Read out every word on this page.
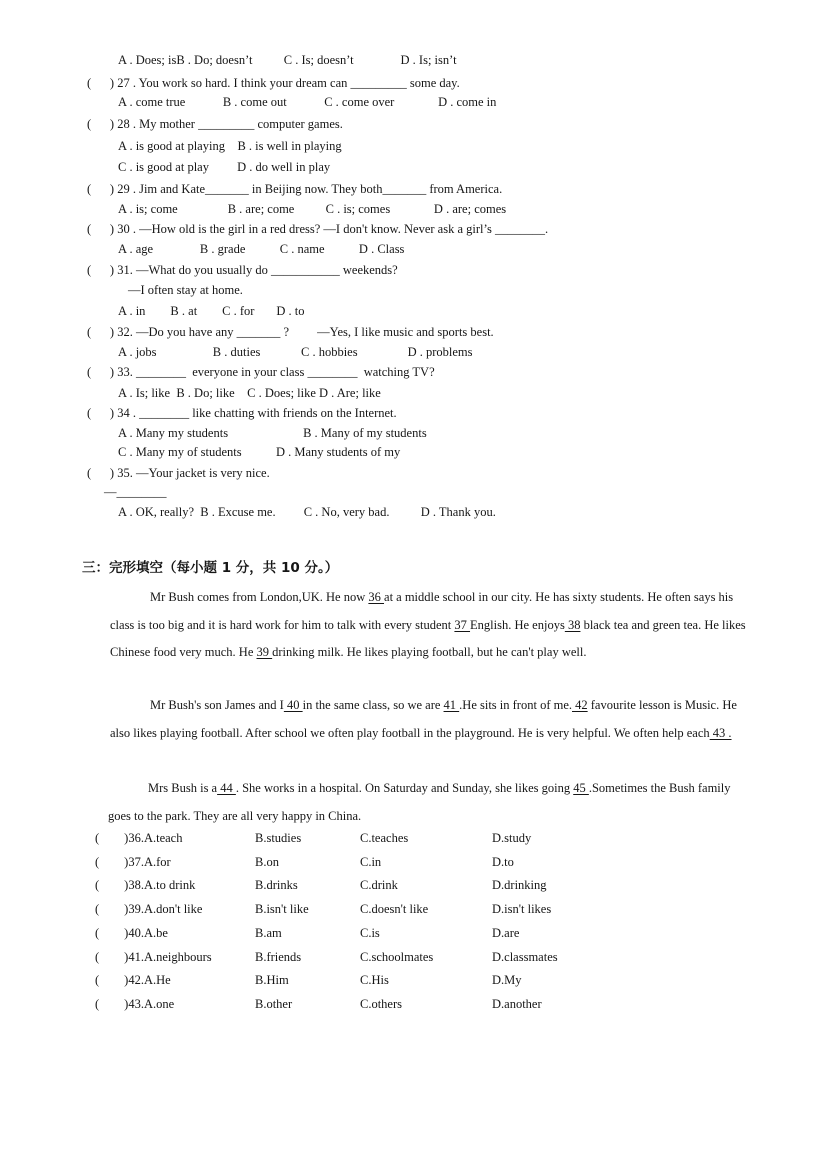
A . Does; isB . Do; doesn’t          C . Is; doesn’t               D . Is; isn’t
(      ) 27 . You work so hard. I think your dream can _________ some day.
A . come true            B . come out            C . come over              D . come in
(      ) 28 . My mother _________ computer games.
A . is good at playing    B . is well in playing
C . is good at play         D . do well in play
(      ) 29 . Jim and Kate_______ in Beijing now. They both_______ from America.
A . is; come                B . are; come          C . is; comes              D . are; comes
(      ) 30 . —How old is the girl in a red dress? —I don't know. Never ask a girl’s ________.
A . age               B . grade           C . name           D . Class
(      ) 31. —What do you usually do ___________ weekends?
—I often stay at home.
A . in        B . at        C . for       D . to
(      ) 32. —Do you have any _______ ?         —Yes, I like music and sports best.
A . jobs                  B . duties             C . hobbies                D . problems
(      ) 33. ________  everyone in your class ________  watching TV?
A . Is; like  B . Do; like    C . Does; like D . Are; like
(      ) 34 . ________ like chatting with friends on the Internet.
A . Many my students                        B . Many of my students
C . Many my of students           D . Many students of my
(      ) 35. —Your jacket is very nice.
—________
A . OK, really?  B . Excuse me.         C . No, very bad.          D . Thank you.
三：完形填空（每小题 1 分，共 10 分。）
Mr Bush comes from London,UK. He now 36 at a middle school in our city. He has sixty students. He often says his class is too big and it is hard work for him to talk with every student 37 English. He enjoys 38 black tea and green tea. He likes Chinese food very much. He 39 drinking milk. He likes playing football, but he can't play well.
Mr Bush's son James and I 40 in the same class, so we are 41 .He sits in front of me. 42 favourite lesson is Music. He also likes playing football. After school we often play football in the playground. He is very helpful. We often help each 43 .
Mrs Bush is a 44 . She works in a hospital. On Saturday and Sunday, she likes going 45 .Sometimes the Bush family goes to the park. They are all very happy in China.
(        )36.A.teach	B.studies	C.teaches	D.study
(        )37.A.for	B.on	C.in	D.to
(        )38.A.to drink	B.drinks	C.drink	D.drinking
(        )39.A.don't like	B.isn't like	C.doesn't like	D.isn't likes
(        )40.A.be	B.am	C.is	D.are
(        )41.A.neighbours	B.friends	C.schoolmates	D.classmates
(        )42.A.He	B.Him	C.His	D.My
(        )43.A.one	B.other	C.others	D.another
